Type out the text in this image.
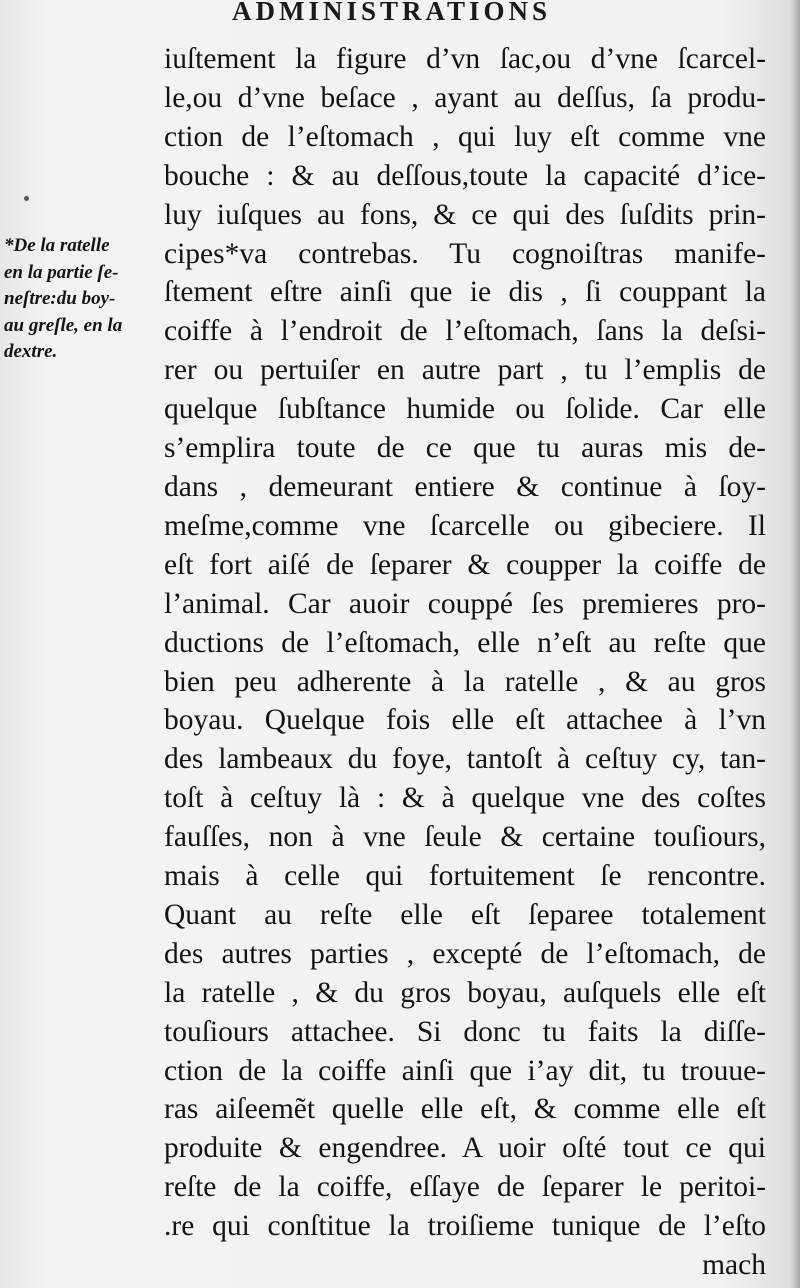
ADMINISTRATIONS
*De la ratelle
en la partie ſe-
neſtre:du boy-
au greſle, en la
dextre.
iuſtement la figure d’vn ſac,ou d’vne ſcarcel-
le,ou d’vne beſace , ayant au deſſus, ſa produ-
ction de l’eſtomach , qui luy eſt comme vne
bouche : & au deſſous,toute la capacité d’ice-
luy iuſques au fons, & ce qui des ſuſdits prin-
cipes*va contrebas. Tu cognoiſtras manife-
ſtement eſtre ainſi que ie dis , ſi couppant la
coiffe à l’endroit de l’eſtomach, ſans la deſsi-
rer ou pertuiſer en autre part , tu l’emplis de
quelque ſubſtance humide ou ſolide. Car elle
s’emplira toute de ce que tu auras mis de-
dans , demeurant entiere & continue à ſoy-
meſme,comme vne ſcarcelle ou gibeciere. Il
eſt fort aiſé de ſeparer & coupper la coiffe de
l’animal. Car auoir couppé ſes premieres pro-
ductions de l’eſtomach, elle n’eſt au reſte que
bien peu adherente à la ratelle , & au gros
boyau. Quelque fois elle eſt attachee à l’vn
des lambeaux du foye, tantoſt à ceſtuy cy, tan-
toſt à ceſtuy là : & à quelque vne des coſtes
fauſſes, non à vne ſeule & certaine touſiours,
mais à celle qui fortuitement ſe rencontre.
Quant au reſte elle eſt ſeparee totalement
des autres parties , excepté de l’eſtomach, de
la ratelle , & du gros boyau, auſquels elle eſt
touſiours attachee. Si donc tu faits la diſſe-
ction de la coiffe ainſi que i’ay dit, tu trouue-
ras aiſeemẽt quelle elle eſt, & comme elle eſt
produite & engendree. A uoir oſté tout ce qui
reſte de la coiffe, eſſaye de ſeparer le peritoi-
.re qui conſtitue la troiſieme tunique de l’eſto
mach
